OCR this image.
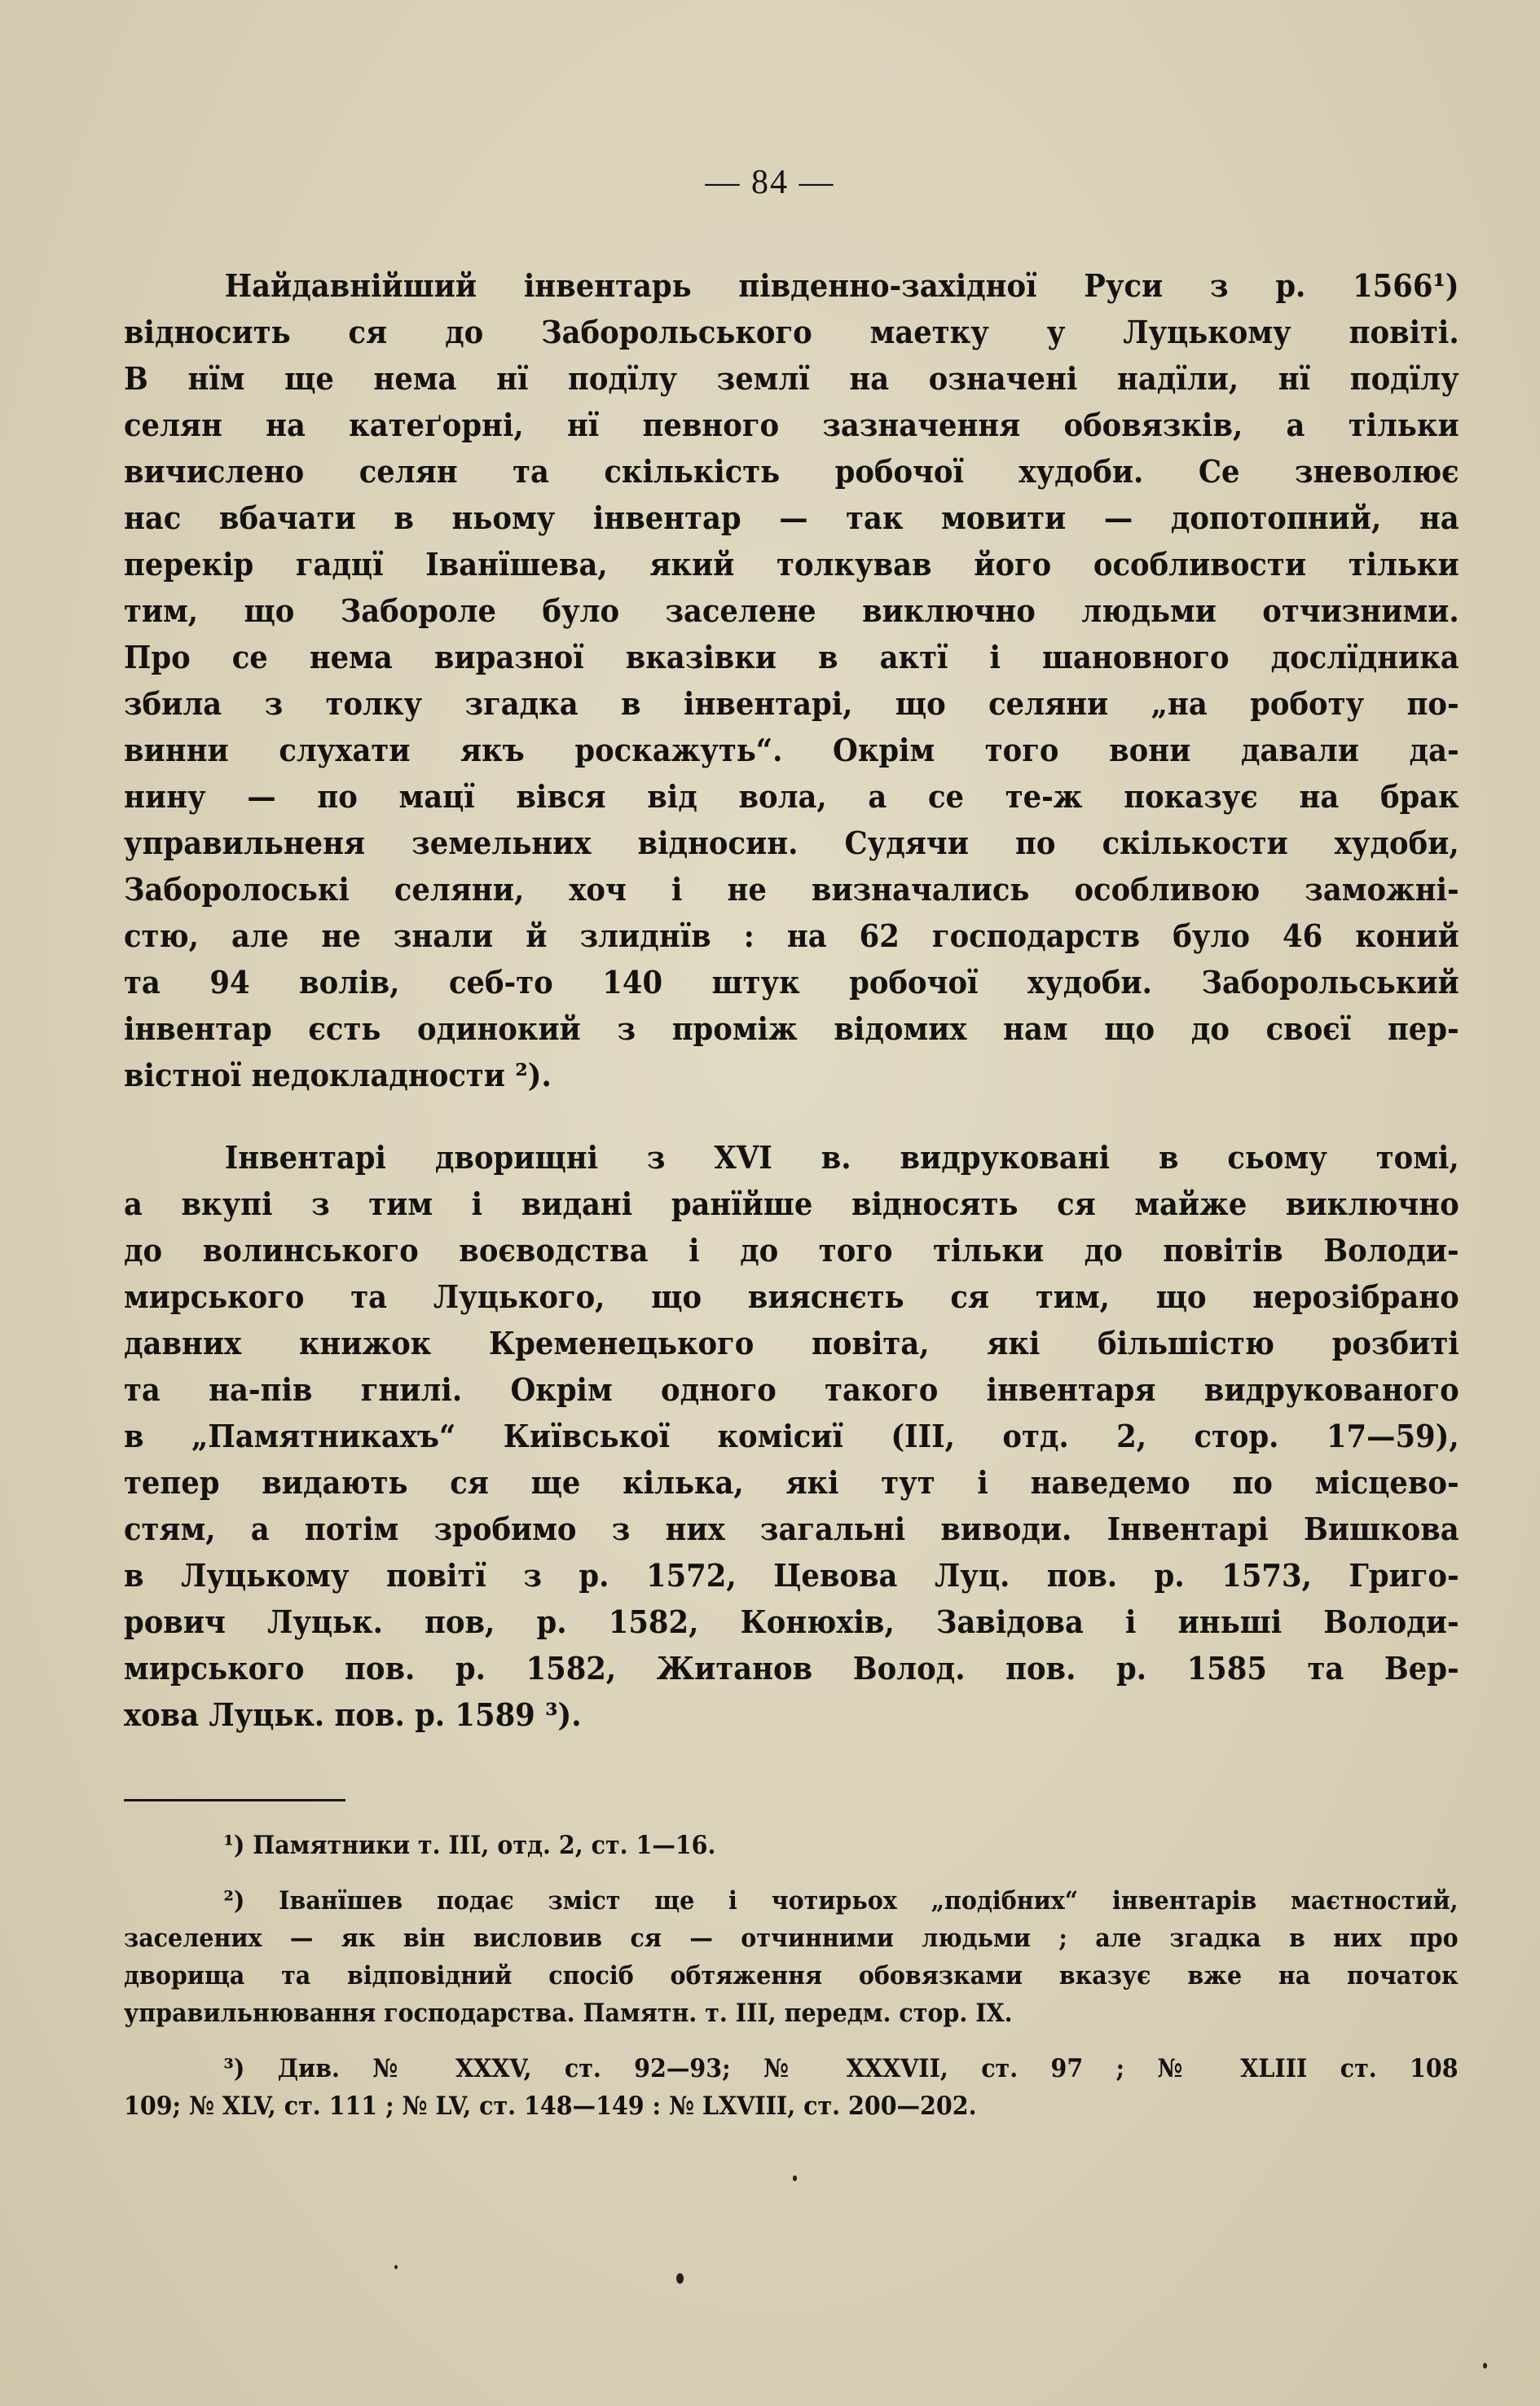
— 84 —
Найдавнійший інвентарь південно-західної Руси з р. 1566¹)
відносить ся до Заборольського маетку у Луцькому повіті.
В нїм ще нема нї подїлу землї на означені надїли, нї подїлу
селян на катеґорні, нї певного зазначення обовязків, а тільки
вичислено селян та скількість робочої худоби. Се зневолює
нас вбачати в ньому інвентар — так мовити — допотопний, на
перекір гадцї Іванїшева, який толкував його особливости тільки
тим, що Забороле було заселене виключно людьми отчизними.
Про се нема виразної вказівки в актї і шановного дослїдника
збила з толку згадка в інвентарі, що селяни „на роботу по-
винни слухати якъ роскажуть“. Окрім того вони давали да-
нину — по мацї вівся від вола, а се те-ж показує на брак
управильненя земельних відносин. Судячи по скількости худоби,
Заборолоські селяни, хоч і не визначались особливою заможні-
стю, але не знали й злиднїв : на 62 господарств було 46 коний
та 94 волів, себ-то 140 штук робочої худоби. Заборольський
інвентар єсть одинокий з проміж відомих нам що до своєї пер-
вістної недокладности ²).
Інвентарі дворищні з XVI в. видруковані в сьому томі,
а вкупі з тим і видані ранїйше відносять ся майже виключно
до волинського воєводства і до того тільки до повітів Володи-
мирського та Луцького, що вияснєть ся тим, що нерозібрано
давних книжок Кременецького повіта, які більшістю розбиті
та на-пів гнилі. Окрім одного такого інвентаря видрукованого
в „Памятникахъ“ Київської комісиї (III, отд. 2, стор. 17—59),
тепер видають ся ще кілька, які тут і наведемо по місцево-
стям, а потім зробимо з них загальні виводи. Інвентарі Вишкова
в Луцькому повітї з р. 1572, Цевова Луц. пов. р. 1573, Григо-
рович Луцьк. пов, р. 1582, Конюхів, Завідова і иньші Володи-
мирського пов. р. 1582, Житанов Волод. пов. р. 1585 та Вер-
хова Луцьк. пов. р. 1589 ³).
¹) Памятники т. III, отд. 2, ст. 1—16.
²) Іванїшев подає зміст ще і чотирьох „подібних“ інвентарів маєтностий,
заселених — як він висловив ся — отчинними людьми ; але згадка в них про
дворища та відповідний спосіб обтяження обовязками вказує вже на початок
управильнювання господарства. Памятн. т. III, передм. стор. IX.
³) Див. № XXXV, ст. 92—93; № XXXVII, ст. 97 ; № XLIII ст. 108
109; № XLV, ст. 111 ; № LV, ст. 148—149 : № LXVIII, ст. 200—202.
